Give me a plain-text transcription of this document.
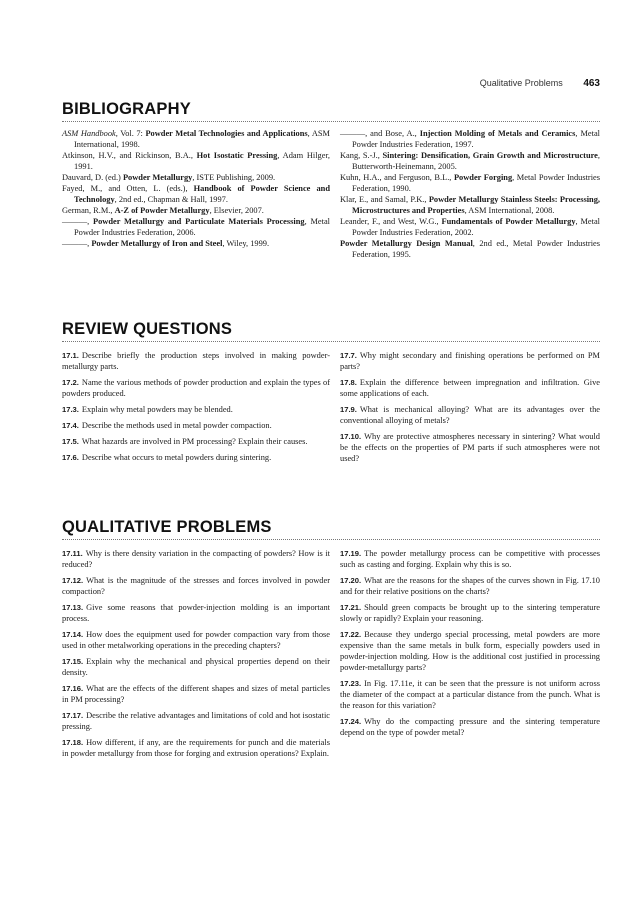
Qualitative Problems 463
BIBLIOGRAPHY

ASM Handbook, Vol. 7: Powder Metal Technologies and Applications, ASM International, 1998.

Atkinson, H.V., and Rickinson, B.A., Hot Isostatic Pressing, Adam Hilger, 1991.

Dauvard, D. (ed.) Powder Metallurgy, ISTE Publishing, 2009.

Fayed, M., and Otten, L. (eds.), Handbook of Powder Science and Technology, 2nd ed., Chapman & Hall, 1997.

German, R.M., A-Z of Powder Metallurgy, Elsevier, 2007.

———, Powder Metallurgy and Particulate Materials Processing, Metal Powder Industries Federation, 2006.

———, Powder Metallurgy of Iron and Steel, Wiley, 1999.

———, and Bose, A., Injection Molding of Metals and Ceramics, Metal Powder Industries Federation, 1997.

Kang, S.-J., Sintering: Densification, Grain Growth and Microstructure, Butterworth-Heinemann, 2005.

Kuhn, H.A., and Ferguson, B.L., Powder Forging, Metal Powder Industries Federation, 1990.

Klar, E., and Samal, P.K., Powder Metallurgy Stainless Steels: Processing, Microstructures and Properties, ASM International, 2008.

Leander, F., and West, W.G., Fundamentals of Powder Metallurgy, Metal Powder Industries Federation, 2002.

Powder Metallurgy Design Manual, 2nd ed., Metal Powder Industries Federation, 1995.

REVIEW QUESTIONS

17.1. Describe briefly the production steps involved in making powder-metallurgy parts.

17.2. Name the various methods of powder production and explain the types of powders produced.

17.3. Explain why metal powders may be blended.

17.4. Describe the methods used in metal powder compaction.

17.5. What hazards are involved in PM processing? Explain their causes.

17.6. Describe what occurs to metal powders during sintering.

17.7. Why might secondary and finishing operations be performed on PM parts?

17.8. Explain the difference between impregnation and infiltration. Give some applications of each.

17.9. What is mechanical alloying? What are its advantages over the conventional alloying of metals?

17.10. Why are protective atmospheres necessary in sintering? What would be the effects on the properties of PM parts if such atmospheres were not used?

QUALITATIVE PROBLEMS

17.11. Why is there density variation in the compacting of powders? How is it reduced?

17.12. What is the magnitude of the stresses and forces involved in powder compaction?

17.13. Give some reasons that powder-injection molding is an important process.

17.14. How does the equipment used for powder compaction vary from those used in other metalworking operations in the preceding chapters?

17.15. Explain why the mechanical and physical properties depend on their density.

17.16. What are the effects of the different shapes and sizes of metal particles in PM processing?

17.17. Describe the relative advantages and limitations of cold and hot isostatic pressing.

17.18. How different, if any, are the requirements for punch and die materials in powder metallurgy from those for forging and extrusion operations? Explain.

17.19. The powder metallurgy process can be competitive with processes such as casting and forging. Explain why this is so.

17.20. What are the reasons for the shapes of the curves shown in Fig. 17.10 and for their relative positions on the charts?

17.21. Should green compacts be brought up to the sintering temperature slowly or rapidly? Explain your reasoning.

17.22. Because they undergo special processing, metal powders are more expensive than the same metals in bulk form, especially powders used in powder-injection molding. How is the additional cost justified in processing powder-metallurgy parts?

17.23. In Fig. 17.11e, it can be seen that the pressure is not uniform across the diameter of the compact at a particular distance from the punch. What is the reason for this variation?

17.24. Why do the compacting pressure and the sintering temperature depend on the type of powder metal?
